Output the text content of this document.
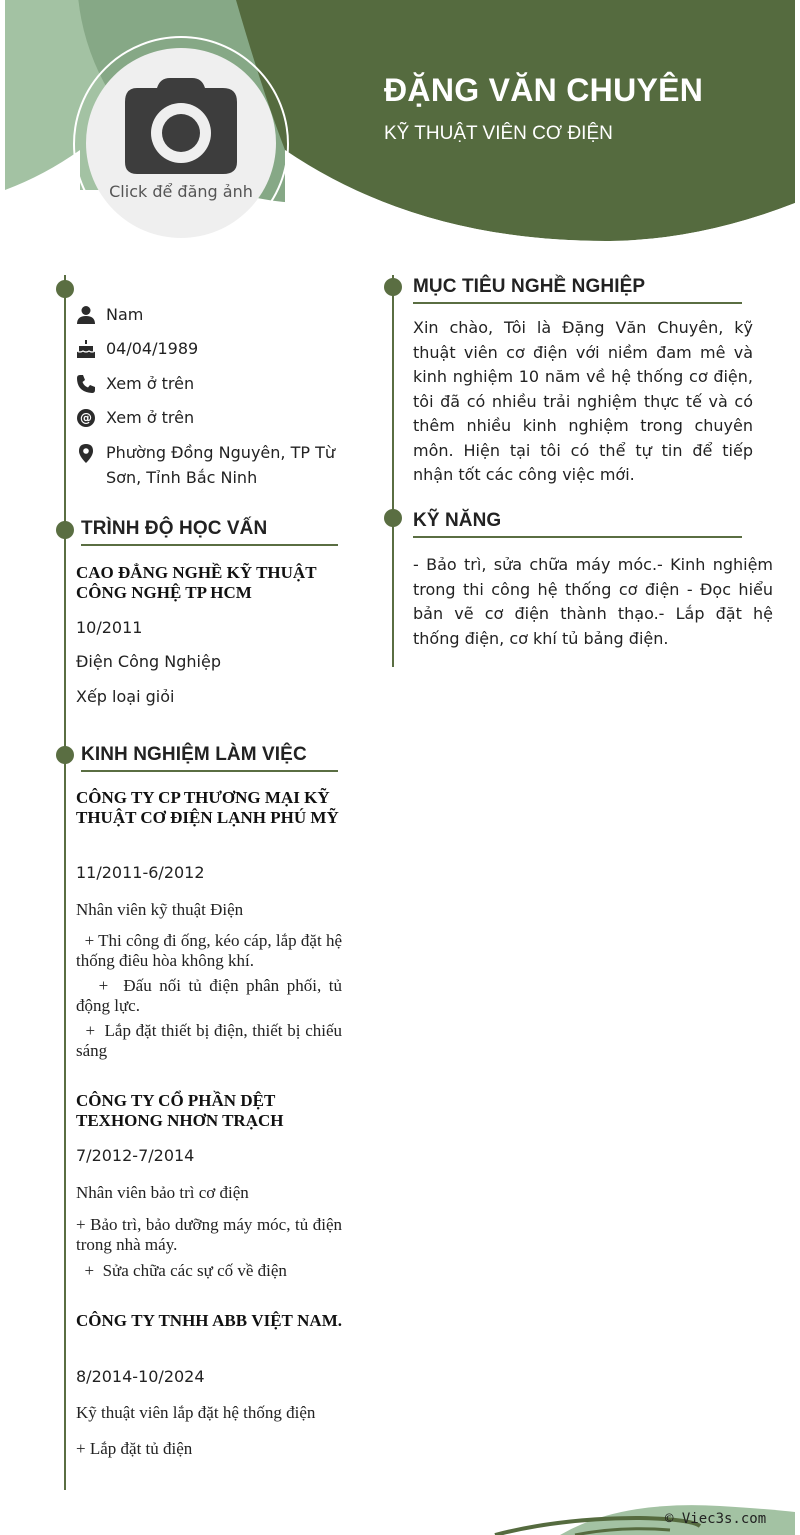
Click để đăng ảnh
ĐẶNG VĂN CHUYÊN
KỸ THUẬT VIÊN CƠ ĐIỆN
Nam
04/04/1989
Xem ở trên
@ Xem ở trên
Phường Đồng Nguyên, TP Từ Sơn, Tỉnh Bắc Ninh
TRÌNH ĐỘ HỌC VẤN
CAO ĐẲNG NGHỀ KỸ THUẬT CÔNG NGHỆ TP HCM
10/2011
Điện Công Nghiệp
Xếp loại giỏi
KINH NGHIỆM LÀM VIỆC
CÔNG TY CP THƯƠNG MẠI KỸ THUẬT CƠ ĐIỆN LẠNH PHÚ MỸ
11/2011-6/2012
Nhân viên kỹ thuật Điện
+ Thi công đi ống, kéo cáp, lắp đặt hệ thống điêu hòa không khí.
+  Đấu nối tủ điện phân phối, tủ động lực.
+  Lắp đặt thiết bị điện, thiết bị chiếu sáng
CÔNG TY CỔ PHẦN DỆT TEXHONG NHƠN TRẠCH
7/2012-7/2014
Nhân viên bảo trì cơ điện
+ Bảo trì, bảo dưỡng máy móc, tủ điện trong nhà máy.
+  Sửa chữa các sự cố về điện
CÔNG TY TNHH ABB VIỆT NAM.
8/2014-10/2024
Kỹ thuật viên lắp đặt hệ thống điện
+ Lắp đặt tủ điện
MỤC TIÊU NGHỀ NGHIỆP
Xin chào, Tôi là Đặng Văn Chuyên, kỹ thuật viên cơ điện với niềm đam mê và kinh nghiệm 10 năm về hệ thống cơ điện, tôi đã có nhiều trải nghiệm thực tế và có thêm nhiều kinh nghiệm trong chuyên môn. Hiện tại tôi có thể tự tin để tiếp nhận tốt các công việc mới.
KỸ NĂNG
- Bảo trì, sửa chữa máy móc.- Kinh nghiệm trong thi công hệ thống cơ điện - Đọc hiểu bản vẽ cơ điện thành thạo.- Lắp đặt hệ thống điện, cơ khí tủ bảng điện.
© Viec3s.com
